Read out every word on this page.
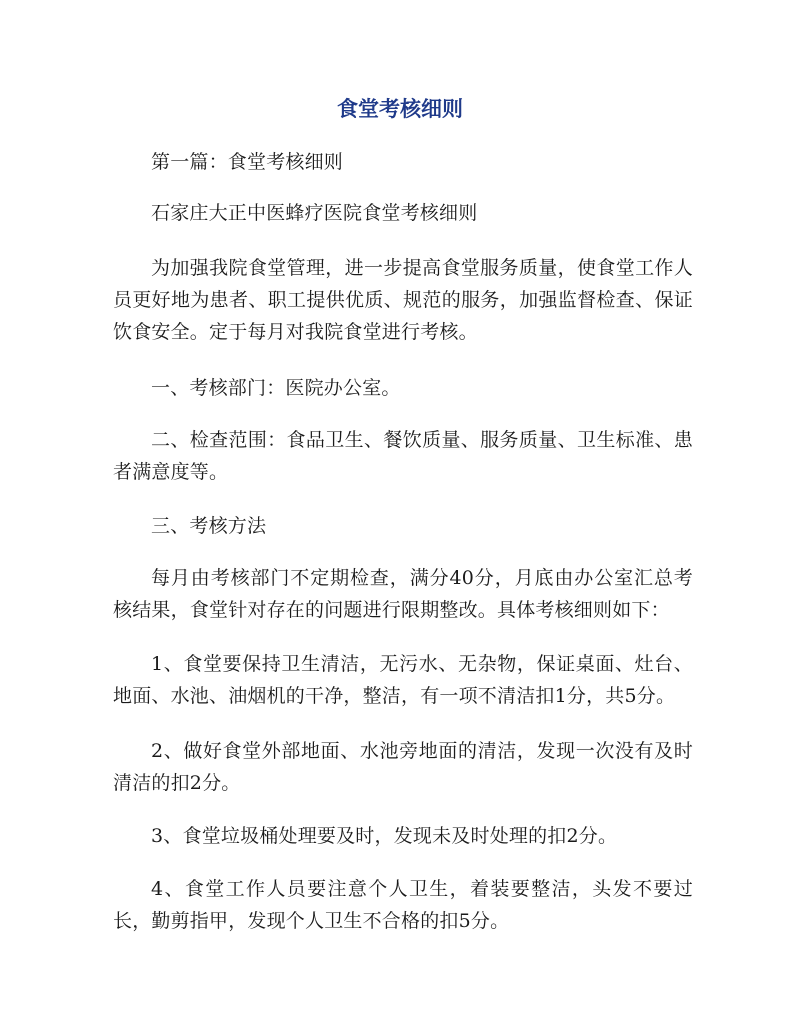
食堂考核细则
第一篇：食堂考核细则
石家庄大正中医蜂疗医院食堂考核细则
为加强我院食堂管理，进一步提高食堂服务质量，使食堂工作人员更好地为患者、职工提供优质、规范的服务，加强监督检查、保证饮食安全。定于每月对我院食堂进行考核。
一、考核部门：医院办公室。
二、检查范围：食品卫生、餐饮质量、服务质量、卫生标准、患者满意度等。
三、考核方法
每月由考核部门不定期检查，满分40分，月底由办公室汇总考核结果，食堂针对存在的问题进行限期整改。具体考核细则如下：
1、食堂要保持卫生清洁，无污水、无杂物，保证桌面、灶台、地面、水池、油烟机的干净，整洁，有一项不清洁扣1分，共5分。
2、做好食堂外部地面、水池旁地面的清洁，发现一次没有及时清洁的扣2分。
3、食堂垃圾桶处理要及时，发现未及时处理的扣2分。
4、食堂工作人员要注意个人卫生，着装要整洁，头发不要过长，勤剪指甲，发现个人卫生不合格的扣5分。
